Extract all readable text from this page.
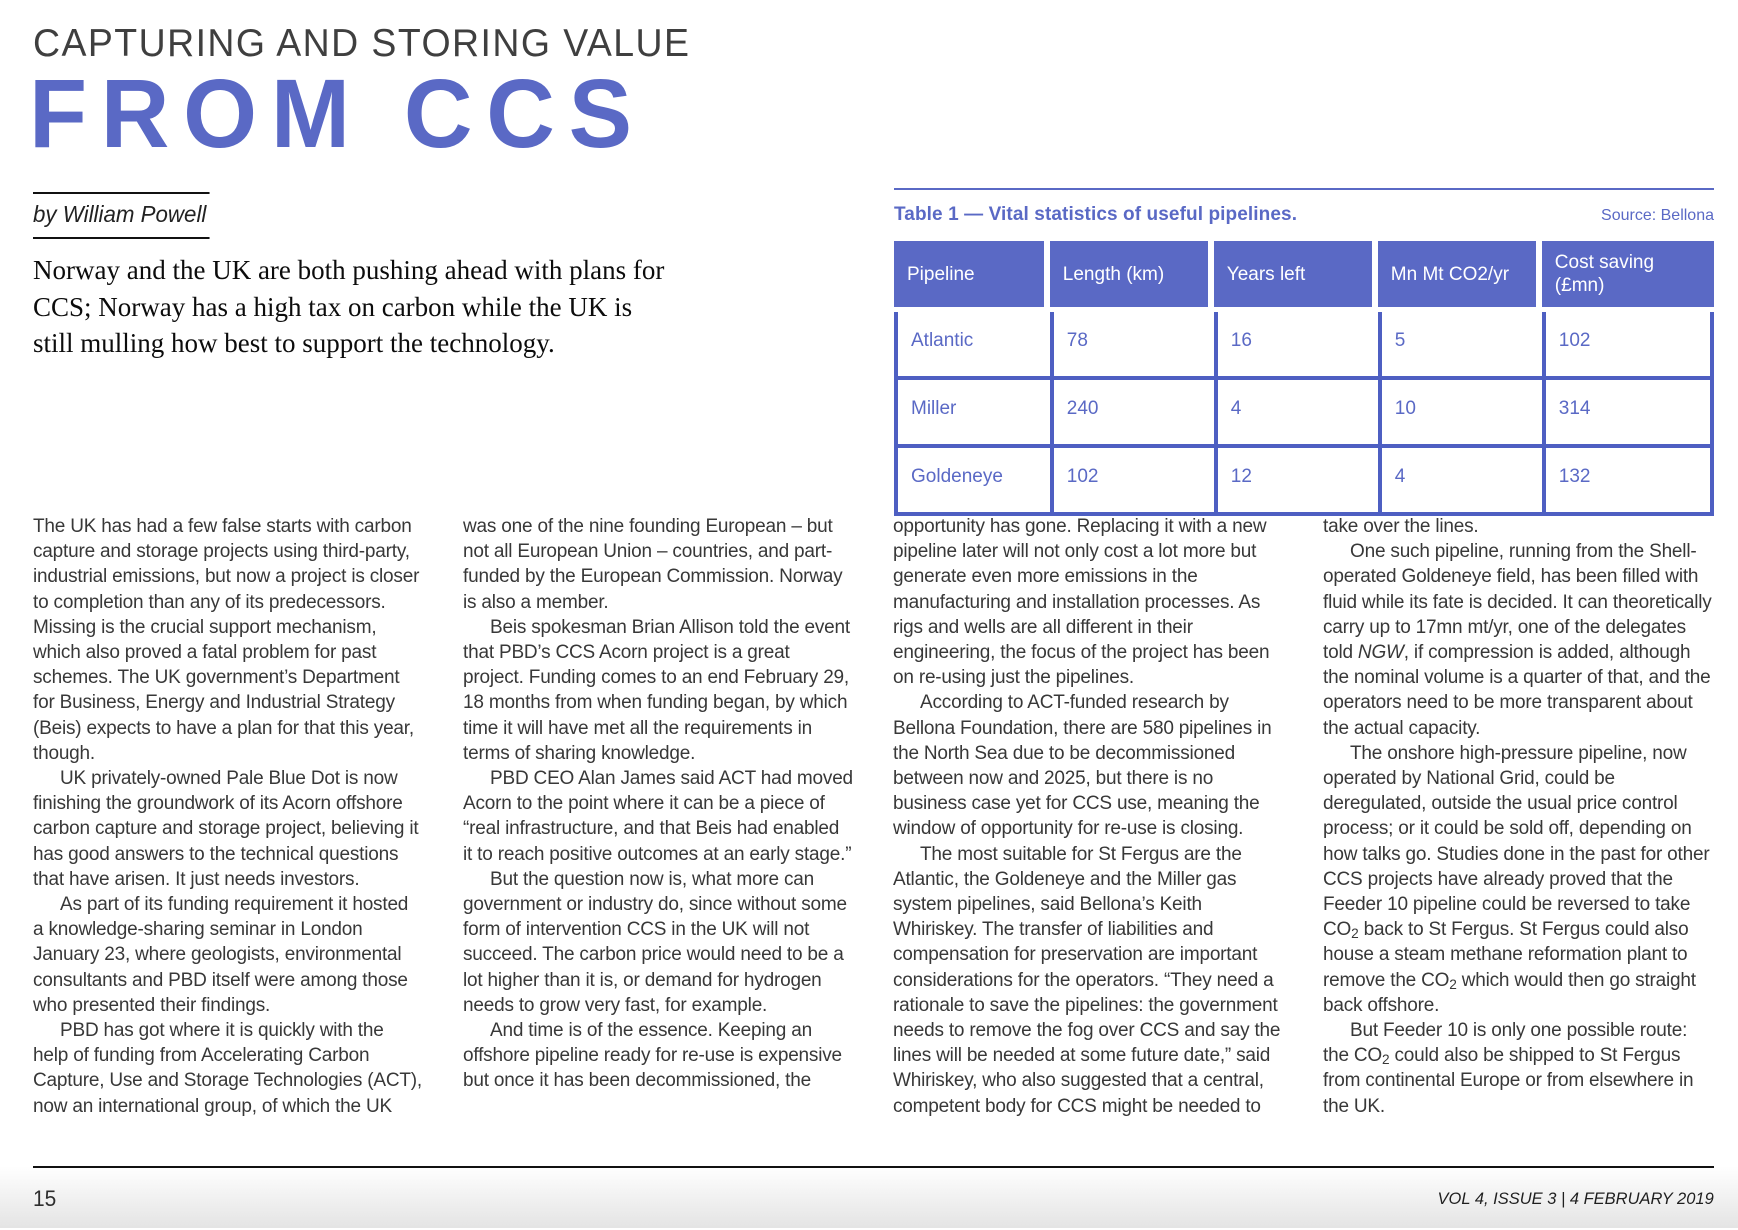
CAPTURING AND STORING VALUE
FROM CCS
by William Powell

Norway and the UK are both pushing ahead with plans for CCS; Norway has a high tax on carbon while the UK is still mulling how best to support the technology.

Table 1 — Vital statistics of useful pipelines.	Source: Bellona
Pipeline	Length (km)	Years left	Mn Mt CO2/yr	Cost saving (£mn)
Atlantic	78	16	5	102
Miller	240	4	10	314
Goldeneye	102	12	4	132

The UK has had a few false starts with carbon capture and storage projects using third-party, industrial emissions, but now a project is closer to completion than any of its predecessors. Missing is the crucial support mechanism, which also proved a fatal problem for past schemes. The UK government’s Department for Business, Energy and Industrial Strategy (Beis) expects to have a plan for that this year, though.

UK privately-owned Pale Blue Dot is now finishing the groundwork of its Acorn offshore carbon capture and storage project, believing it has good answers to the technical questions that have arisen. It just needs investors.

As part of its funding requirement it hosted a knowledge-sharing seminar in London January 23, where geologists, environmental consultants and PBD itself were among those who presented their findings.

PBD has got where it is quickly with the help of funding from Accelerating Carbon Capture, Use and Storage Technologies (ACT), now an international group, of which the UK

was one of the nine founding European – but not all European Union – countries, and part-funded by the European Commission. Norway is also a member.

Beis spokesman Brian Allison told the event that PBD’s CCS Acorn project is a great project. Funding comes to an end February 29, 18 months from when funding began, by which time it will have met all the requirements in terms of sharing knowledge.

PBD CEO Alan James said ACT had moved Acorn to the point where it can be a piece of “real infrastructure, and that Beis had enabled it to reach positive outcomes at an early stage.”

But the question now is, what more can government or industry do, since without some form of intervention CCS in the UK will not succeed. The carbon price would need to be a lot higher than it is, or demand for hydrogen needs to grow very fast, for example.

And time is of the essence. Keeping an offshore pipeline ready for re-use is expensive but once it has been decommissioned, the

opportunity has gone. Replacing it with a new pipeline later will not only cost a lot more but generate even more emissions in the manufacturing and installation processes. As rigs and wells are all different in their engineering, the focus of the project has been on re-using just the pipelines.

According to ACT-funded research by Bellona Foundation, there are 580 pipelines in the North Sea due to be decommissioned between now and 2025, but there is no business case yet for CCS use, meaning the window of opportunity for re-use is closing.

The most suitable for St Fergus are the Atlantic, the Goldeneye and the Miller gas system pipelines, said Bellona’s Keith Whiriskey. The transfer of liabilities and compensation for preservation are important considerations for the operators. “They need a rationale to save the pipelines: the government needs to remove the fog over CCS and say the lines will be needed at some future date,” said Whiriskey, who also suggested that a central, competent body for CCS might be needed to

take over the lines.

One such pipeline, running from the Shell-operated Goldeneye field, has been filled with fluid while its fate is decided. It can theoretically carry up to 17mn mt/yr, one of the delegates told NGW, if compression is added, although the nominal volume is a quarter of that, and the operators need to be more transparent about the actual capacity.

The onshore high-pressure pipeline, now operated by National Grid, could be deregulated, outside the usual price control process; or it could be sold off, depending on how talks go. Studies done in the past for other CCS projects have already proved that the Feeder 10 pipeline could be reversed to take $CO_2$ back to St Fergus. St Fergus could also house a steam methane reformation plant to remove the $CO_2$ which would then go straight back offshore.

But Feeder 10 is only one possible route: the $CO_2$ could also be shipped to St Fergus from continental Europe or from elsewhere in the UK.

15	VOL 4, ISSUE 3 | 4 FEBRUARY 2019
